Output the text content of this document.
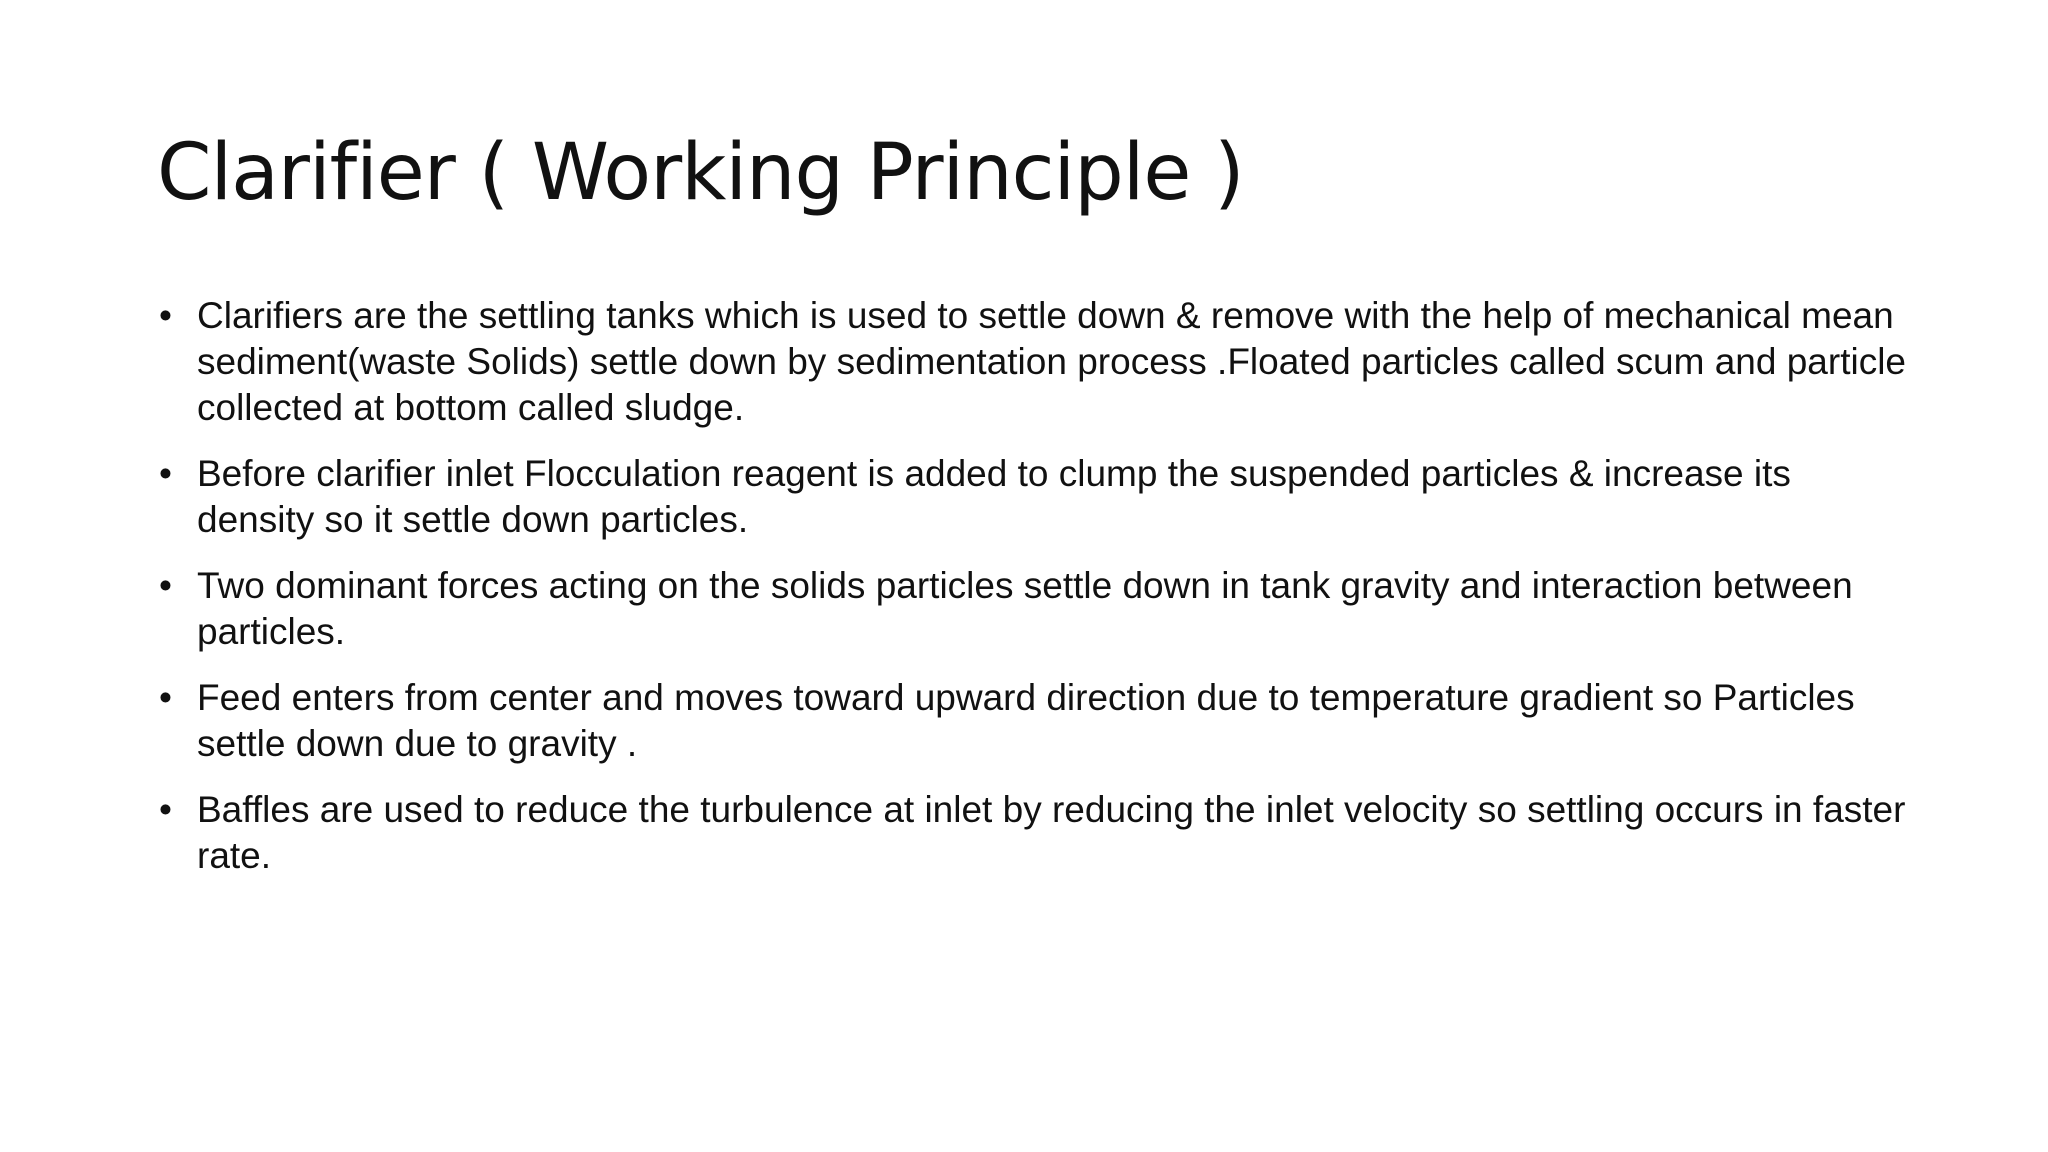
Clarifier ( Working Principle )
• Clarifiers are the settling tanks which is used to settle down & remove with the help of mechanical mean sediment(waste Solids) settle down by sedimentation process .Floated particles called scum and particle collected at bottom called sludge.
• Before clarifier inlet Flocculation reagent is added to clump the suspended particles & increase its density so it settle down particles.
• Two dominant forces acting on the solids particles settle down in tank gravity and interaction between particles.
• Feed enters from center and moves toward upward direction due to temperature gradient so Particles settle down due to gravity .
• Baffles are used to reduce the turbulence at inlet by reducing the inlet velocity so settling occurs in faster rate.
